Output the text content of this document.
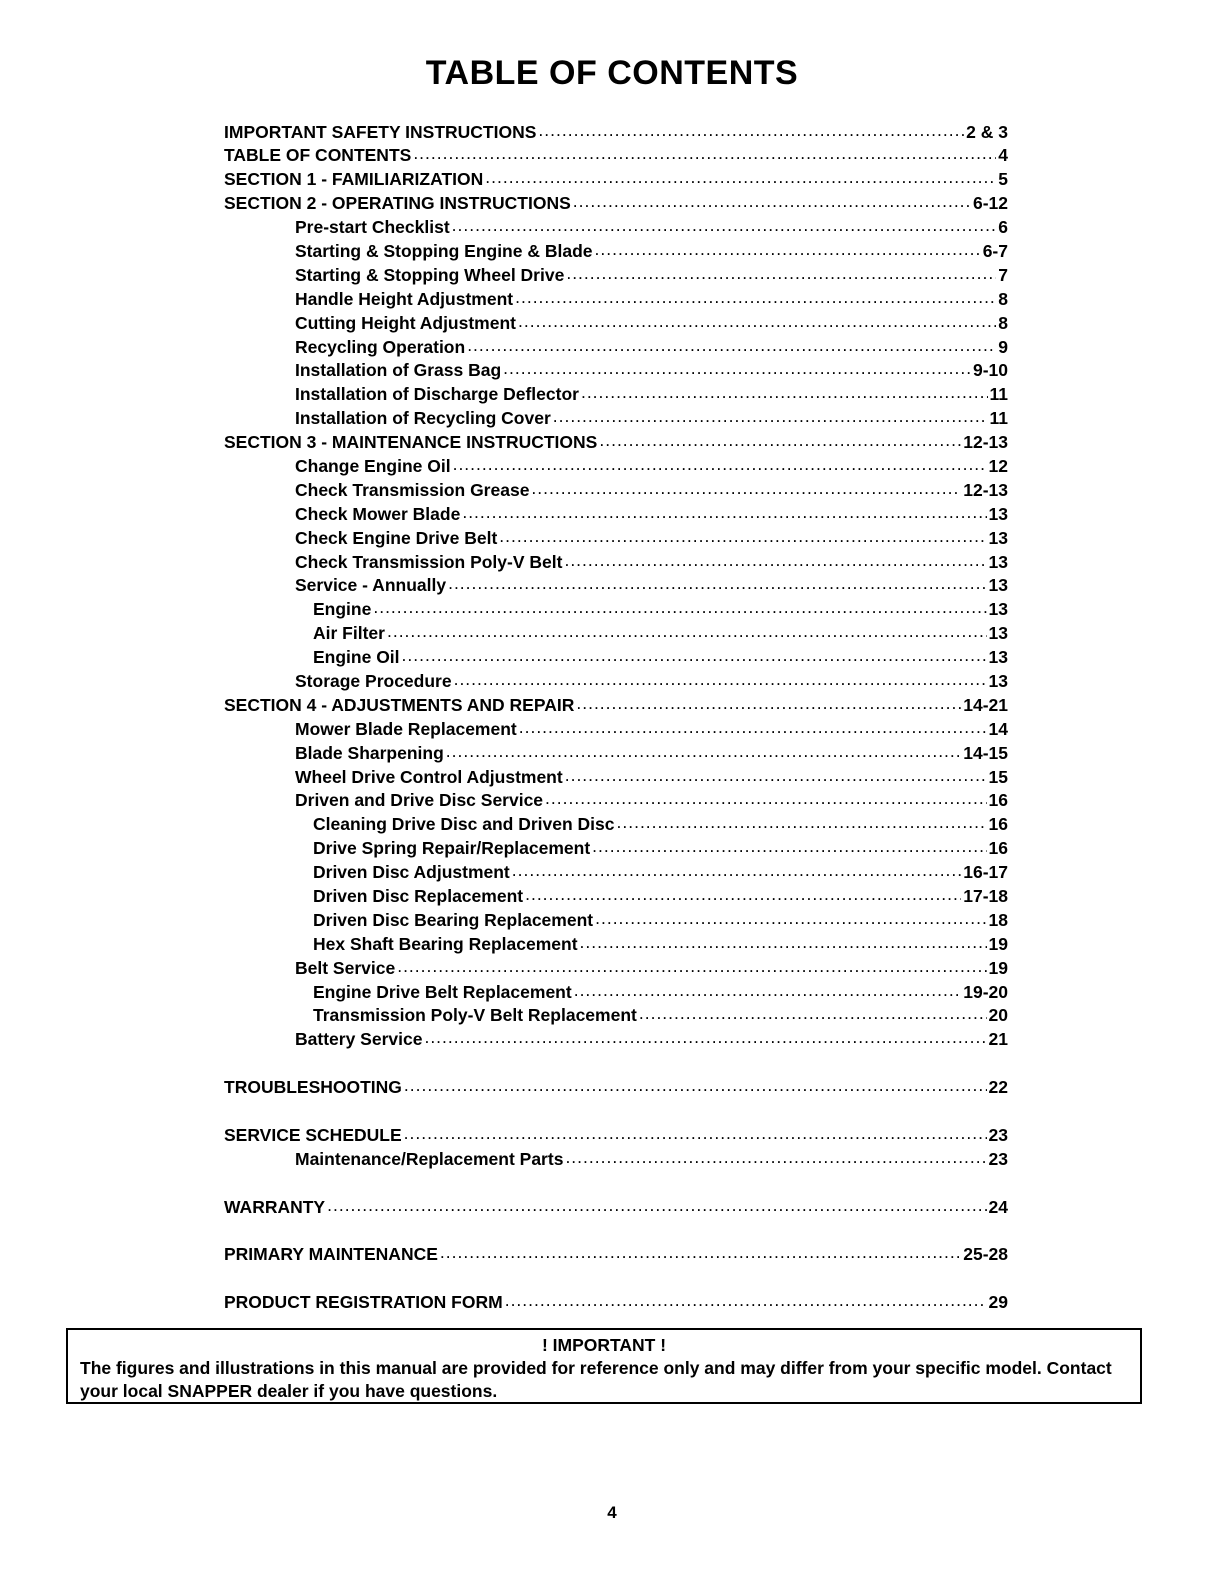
TABLE OF CONTENTS
IMPORTANT SAFETY INSTRUCTIONS .....	2 & 3
TABLE OF CONTENTS .....	4
SECTION 1 - FAMILIARIZATION .....	5
SECTION 2 - OPERATING INSTRUCTIONS .....	6-12
Pre-start Checklist .....	6
Starting & Stopping Engine & Blade .....	6-7
Starting & Stopping Wheel Drive .....	7
Handle Height Adjustment .....	8
Cutting Height Adjustment .....	8
Recycling Operation .....	9
Installation of Grass Bag .....	9-10
Installation of Discharge Deflector .....	11
Installation of Recycling Cover .....	11
SECTION 3 - MAINTENANCE INSTRUCTIONS .....	12-13
Change Engine Oil .....	12
Check Transmission Grease .....	12-13
Check Mower Blade .....	13
Check Engine Drive Belt .....	13
Check Transmission Poly-V Belt .....	13
Service - Annually .....	13
Engine .....	13
Air Filter .....	13
Engine Oil .....	13
Storage Procedure .....	13
SECTION 4 - ADJUSTMENTS AND REPAIR .....	14-21
Mower Blade Replacement .....	14
Blade Sharpening .....	14-15
Wheel Drive Control Adjustment .....	15
Driven and Drive Disc Service .....	16
Cleaning Drive Disc and Driven Disc .....	16
Drive Spring Repair/Replacement .....	16
Driven Disc Adjustment .....	16-17
Driven Disc Replacement .....	17-18
Driven Disc Bearing Replacement .....	18
Hex Shaft Bearing Replacement .....	19
Belt Service .....	19
Engine Drive Belt Replacement .....	19-20
Transmission Poly-V Belt Replacement .....	20
Battery Service .....	21
TROUBLESHOOTING .....	22
SERVICE SCHEDULE .....	23
Maintenance/Replacement Parts .....	23
WARRANTY .....	24
PRIMARY MAINTENANCE .....	25-28
PRODUCT REGISTRATION FORM .....	29
! IMPORTANT !
The figures and illustrations in this manual are provided for reference only and may differ from your specific model. Contact your local SNAPPER dealer if you have questions.
4
